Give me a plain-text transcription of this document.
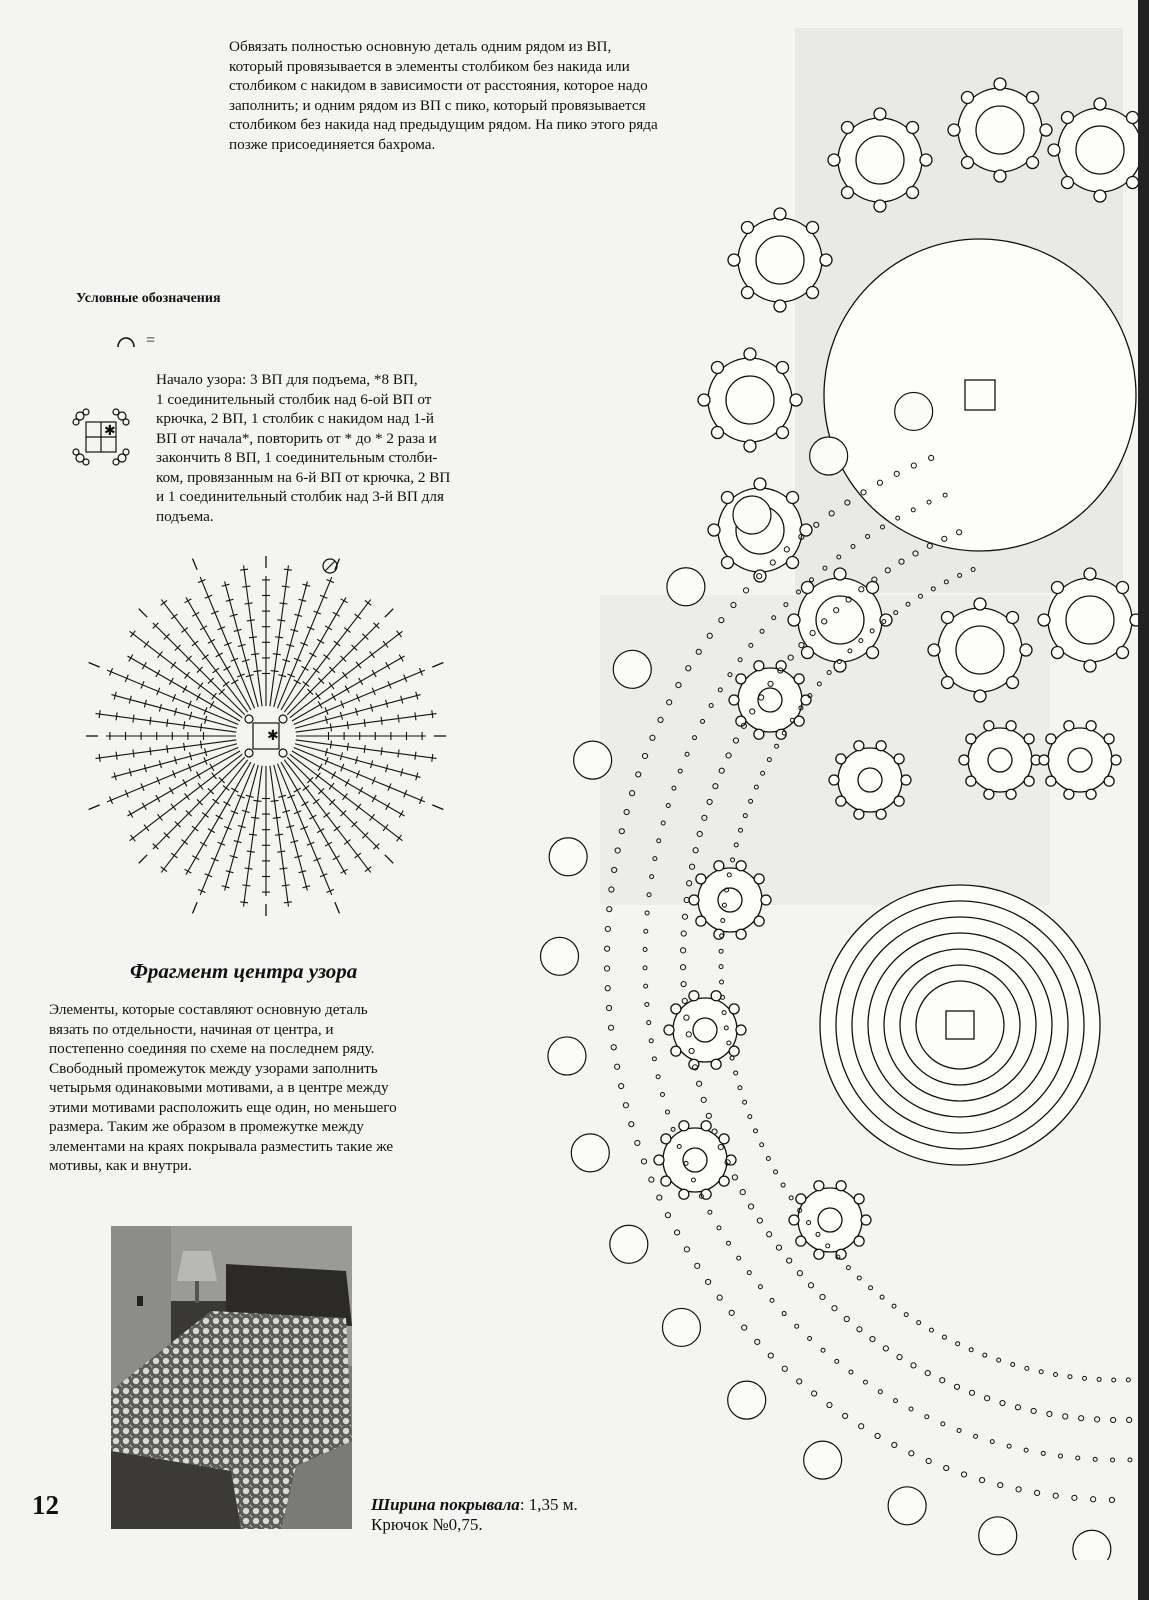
Обвязать полностью основную деталь одним рядом из ВП,
который провязывается в элементы столбиком без накида или
столбиком с накидом в зависимости от расстояния, которое надо
заполнить; и одним рядом из ВП с пико, который провязывается
столбиком без накида над предыдущим рядом. На пико этого ряда
позже присоединяется бахрома.
Условные обозначения
✱
=
Начало узора: 3 ВП для подъема, *8 ВП,
1 соединительный столбик над 6-ой ВП от
крючка, 2 ВП, 1 столбик с накидом над 1-й
ВП от начала*, повторить от * до * 2 раза и
закончить 8 ВП, 1 соединительным столби-
ком, провязанным на 6-й ВП от крючка, 2 ВП
и 1 соединительный столбик над 3-й ВП для
подъема.
✱
Фрагмент центра узора
Элементы, которые составляют основную деталь
вязать по отдельности, начиная от центра, и
постепенно соединяя по схеме на последнем ряду.
Свободный промежуток между узорами заполнить
четырьмя одинаковыми мотивами, а в центре между
этими мотивами расположить еще один, но меньшего
размера. Таким же образом в промежутке между
элементами на краях покрывала разместить такие же
мотивы, как и внутри.
12	Ширина покрывала: 1,35 м.
Крючок №0,75.
